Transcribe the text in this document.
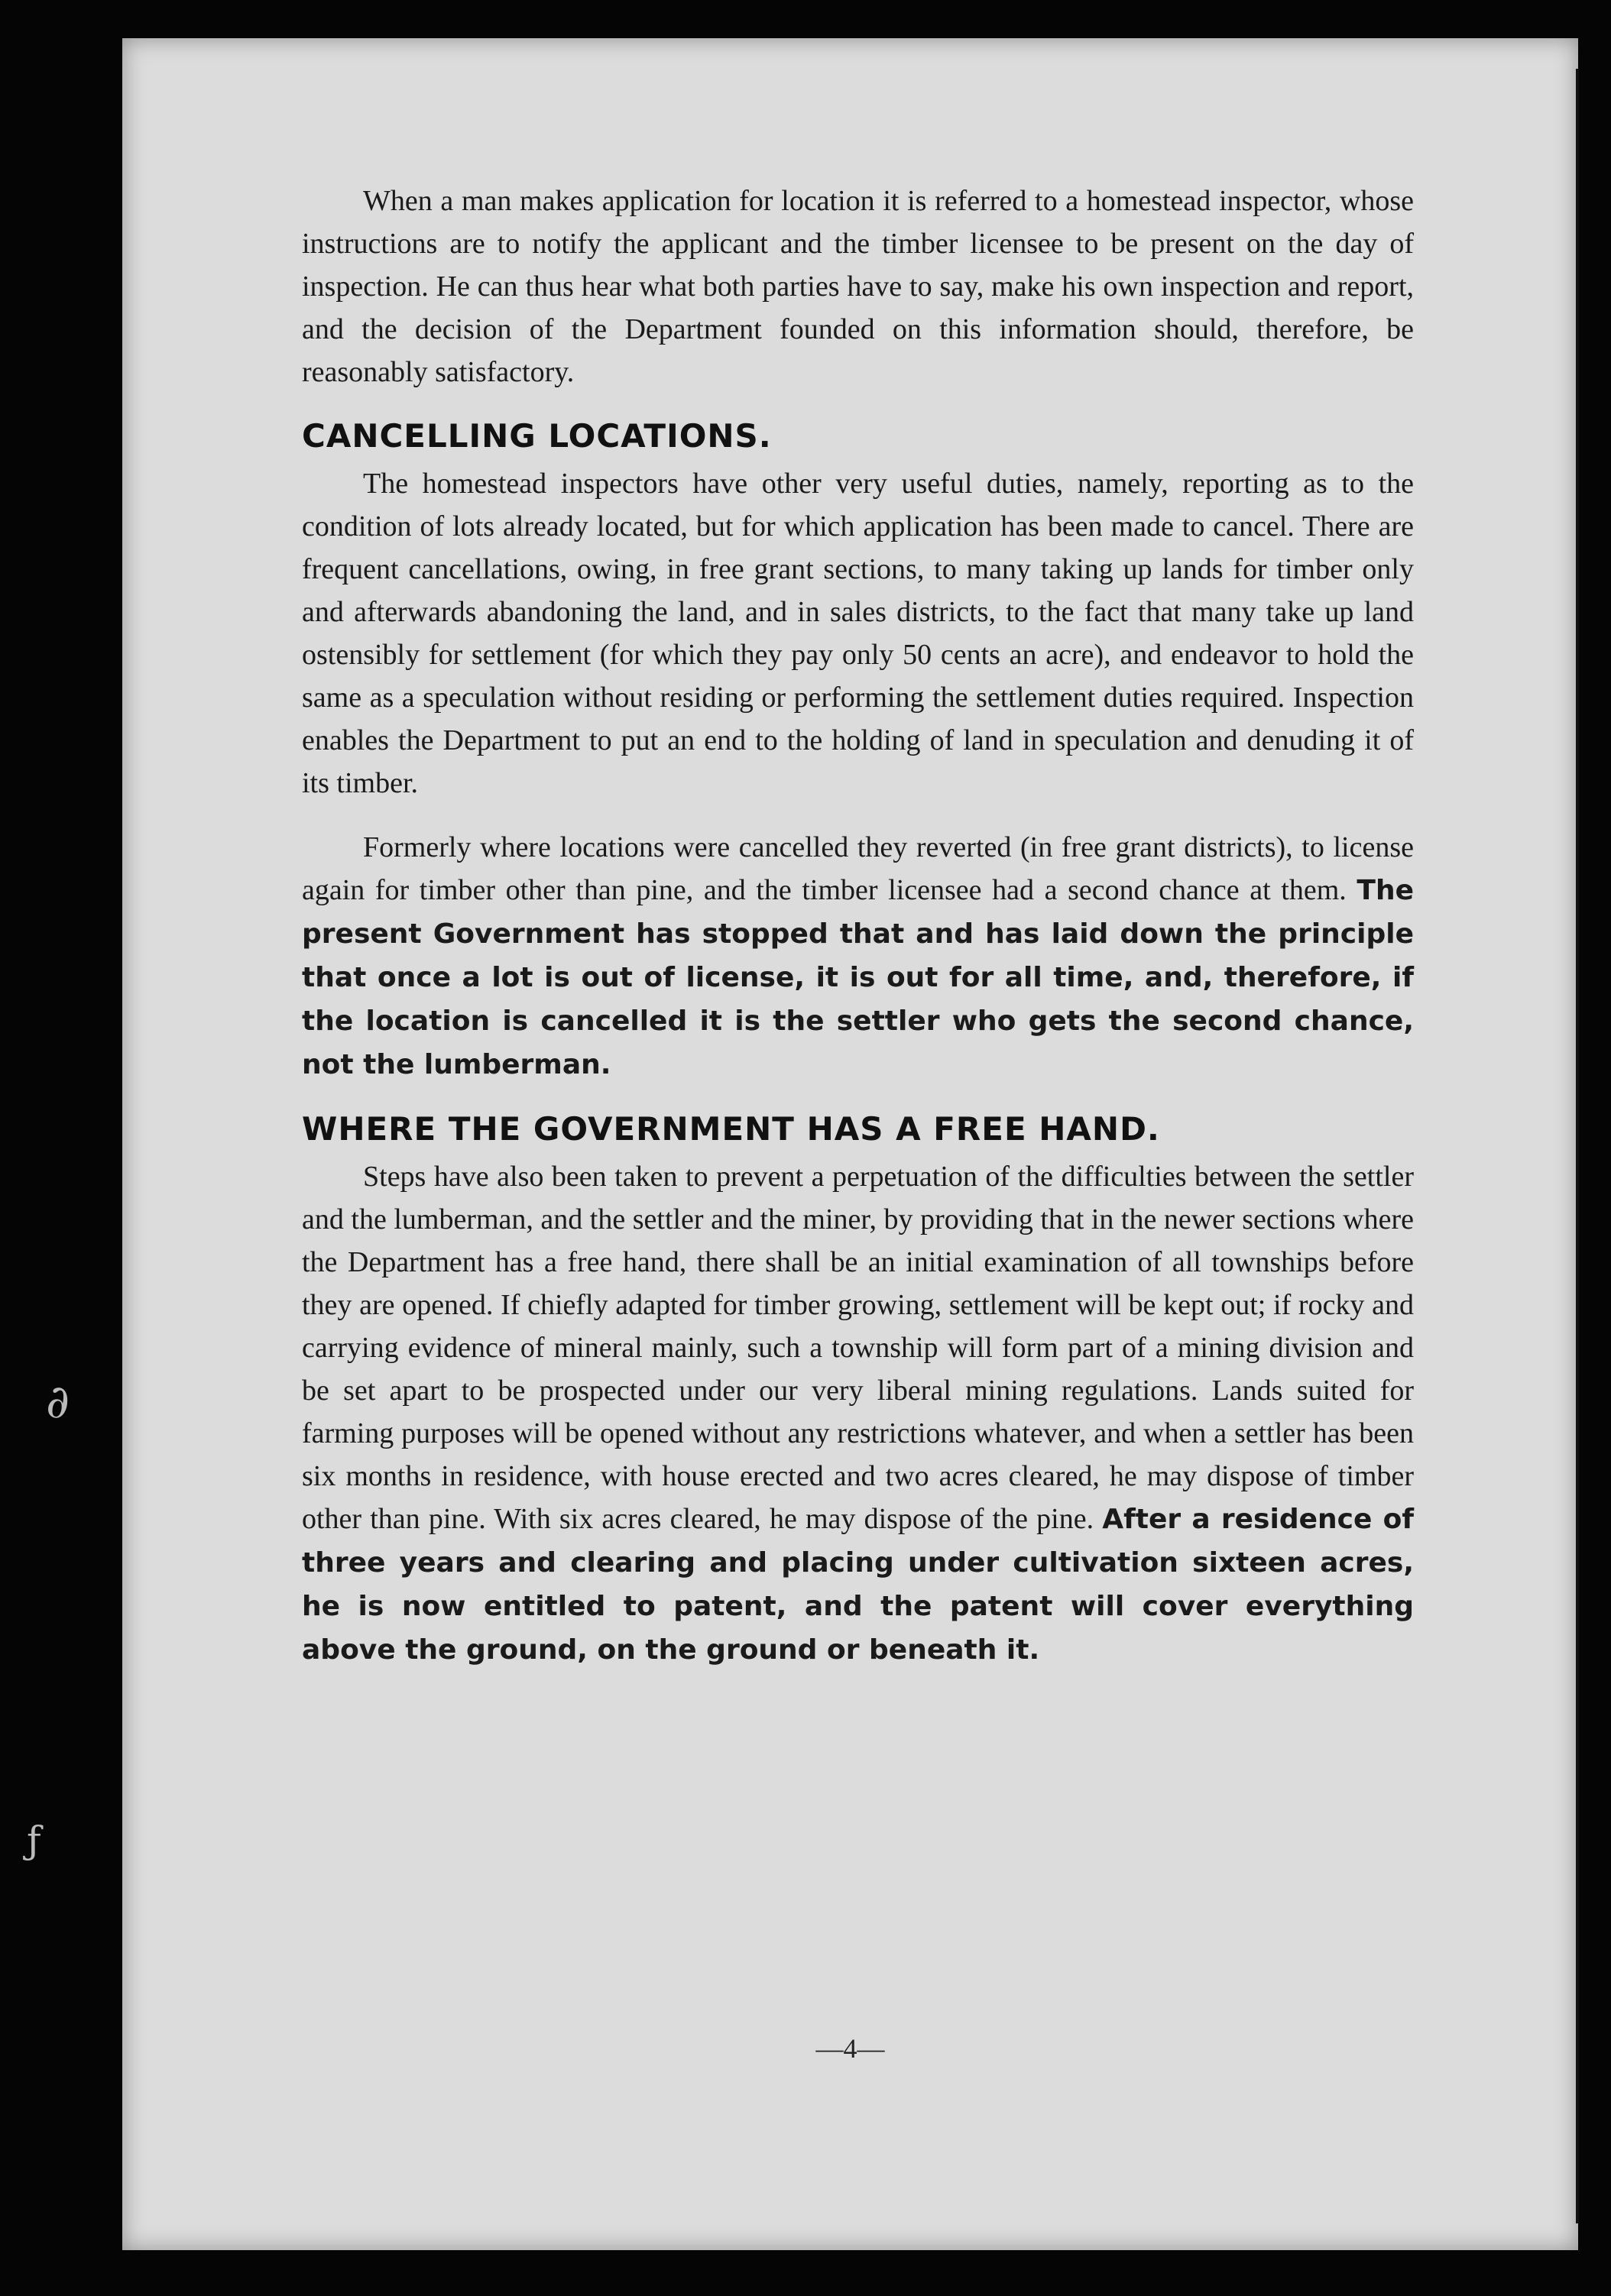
∂
ƒ

When a man makes application for location it is referred to a homestead inspector, whose instructions are to notify the applicant and the timber licensee to be present on the day of inspection. He can thus hear what both parties have to say, make his own inspection and report, and the decision of the Department founded on this information should, therefore, be reasonably satisfactory.

CANCELLING LOCATIONS.

The homestead inspectors have other very useful duties, namely, reporting as to the condition of lots already located, but for which application has been made to cancel. There are frequent cancellations, owing, in free grant sections, to many taking up lands for timber only and afterwards abandoning the land, and in sales districts, to the fact that many take up land ostensibly for settlement (for which they pay only 50 cents an acre), and endeavor to hold the same as a speculation without residing or performing the settlement duties required. Inspection enables the Department to put an end to the holding of land in speculation and denuding it of its timber.

Formerly where locations were cancelled they reverted (in free grant districts), to license again for timber other than pine, and the timber licensee had a second chance at them. The present Government has stopped that and has laid down the principle that once a lot is out of license, it is out for all time, and, therefore, if the location is cancelled it is the settler who gets the second chance, not the lumberman.

WHERE THE GOVERNMENT HAS A FREE HAND.

Steps have also been taken to prevent a perpetuation of the difficulties between the settler and the lumberman, and the settler and the miner, by providing that in the newer sections where the Department has a free hand, there shall be an initial examination of all townships before they are opened. If chiefly adapted for timber growing, settlement will be kept out; if rocky and carrying evidence of mineral mainly, such a township will form part of a mining division and be set apart to be prospected under our very liberal mining regulations. Lands suited for farming purposes will be opened without any restrictions whatever, and when a settler has been six months in residence, with house erected and two acres cleared, he may dispose of timber other than pine. With six acres cleared, he may dispose of the pine. After a residence of three years and clearing and placing under cultivation sixteen acres, he is now entitled to patent, and the patent will cover everything above the ground, on the ground or beneath it.

—4—
